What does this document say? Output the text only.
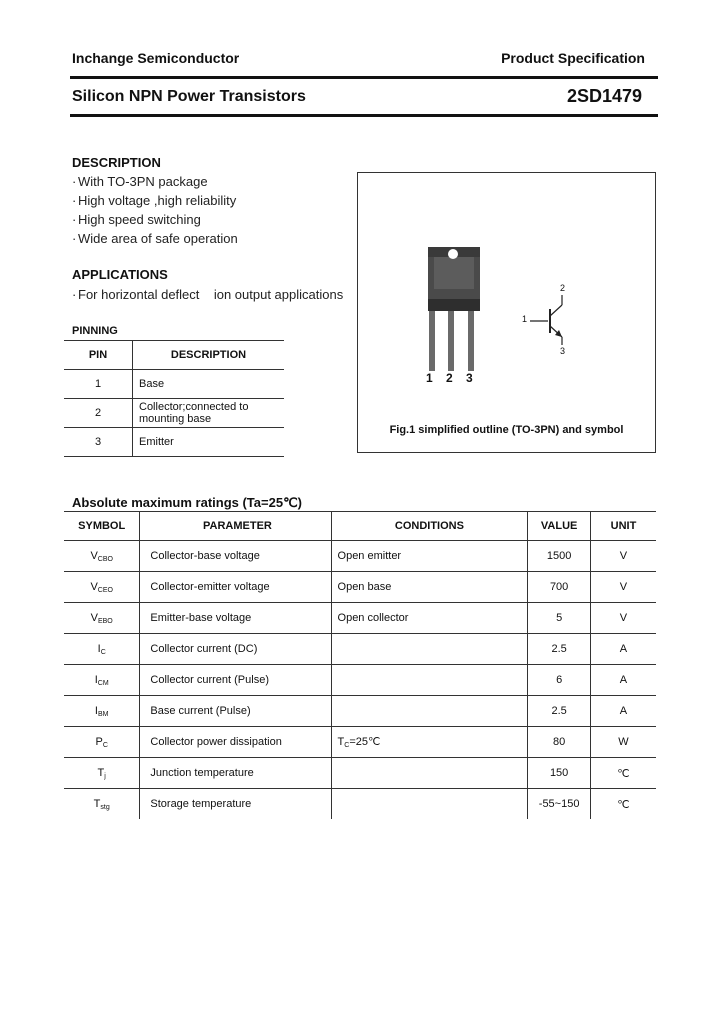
Inchange Semiconductor	Product Specification
Silicon NPN Power Transistors	2SD1479
DESCRIPTION
· With TO-3PN package
· High voltage ,high reliability
· High speed switching
· Wide area of safe operation
APPLICATIONS
· For horizontal deflect    ion output applications
PINNING
PIN	DESCRIPTION
1	Base
2	Collector;connected to mounting base
3	Emitter
1 2 3
1
2
3
Fig.1 simplified outline (TO-3PN) and symbol
Absolute maximum ratings (Ta=25℃)
SYMBOL	PARAMETER	CONDITIONS	VALUE	UNIT
$V_{CBO}$	Collector-base voltage	Open emitter	1500	V
$V_{CEO}$	Collector-emitter voltage	Open base	700	V
$V_{EBO}$	Emitter-base voltage	Open collector	5	V
$I_C$	Collector current (DC)		2.5	A
$I_{CM}$	Collector current (Pulse)		6	A
$I_{BM}$	Base current (Pulse)		2.5	A
$P_C$	Collector power dissipation	$T_C=25℃$	80	W
$T_j$	Junction temperature		150	℃
$T_{stg}$	Storage temperature		-55~150	℃
